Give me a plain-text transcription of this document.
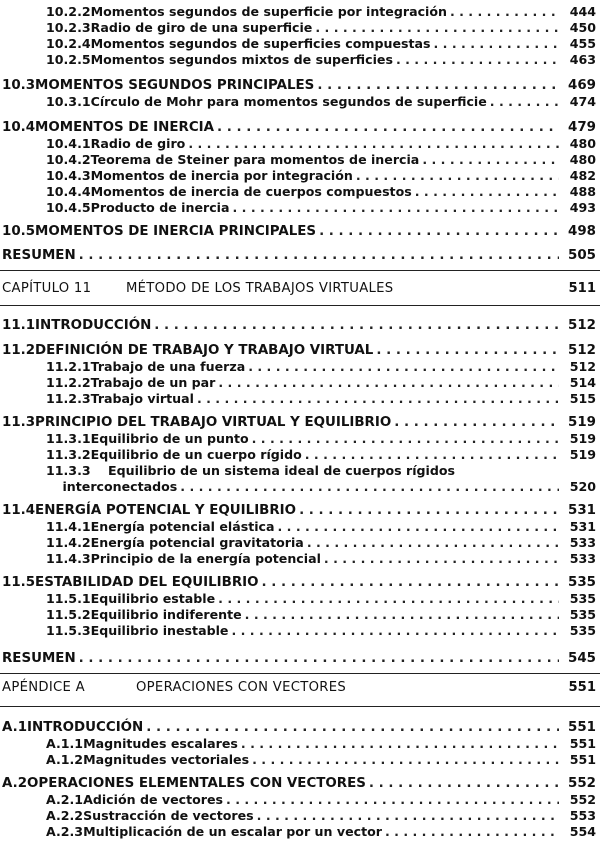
10.2.2 Momentos segundos de superficie por integración . . .	444
10.2.3 Radio de giro de una superficie . . .	450
10.2.4 Momentos segundos de superficies compuestas . . .	455
10.2.5 Momentos segundos mixtos de superficies . . .	463
10.3 MOMENTOS SEGUNDOS PRINCIPALES . . .	469
10.3.1 Círculo de Mohr para momentos segundos de superficie . . .	474
10.4 MOMENTOS DE INERCIA . . .	479
10.4.1 Radio de giro . . .	480
10.4.2 Teorema de Steiner para momentos de inercia . . .	480
10.4.3 Momentos de inercia por integración . . .	482
10.4.4 Momentos de inercia de cuerpos compuestos . . .	488
10.4.5 Producto de inercia . . .	493
10.5 MOMENTOS DE INERCIA PRINCIPALES . . .	498
RESUMEN . . .	505
CAPÍTULO 11	MÉTODO DE LOS TRABAJOS VIRTUALES	511
11.1 INTRODUCCIÓN . . .	512
11.2 DEFINICIÓN DE TRABAJO Y TRABAJO VIRTUAL . . .	512
11.2.1 Trabajo de una fuerza . . .	512
11.2.2 Trabajo de un par . . .	514
11.2.3 Trabajo virtual . . .	515
11.3 PRINCIPIO DEL TRABAJO VIRTUAL Y EQUILIBRIO . . .	519
11.3.1 Equilibrio de un punto . . .	519
11.3.2 Equilibrio de un cuerpo rígido . . .	519
11.3.3	Equilibrio de un sistema ideal de cuerpos rígidos
interconectados . . .	520
11.4 ENERGÍA POTENCIAL Y EQUILIBRIO . . .	531
11.4.1 Energía potencial elástica . . .	531
11.4.2 Energía potencial gravitatoria . . .	533
11.4.3 Principio de la energía potencial . . .	533
11.5 ESTABILIDAD DEL EQUILIBRIO . . .	535
11.5.1 Equilibrio estable . . .	535
11.5.2 Equilibrio indiferente . . .	535
11.5.3 Equilibrio inestable . . .	535
RESUMEN . . .	545
APÉNDICE A	OPERACIONES CON VECTORES	551
A.1 INTRODUCCIÓN . . .	551
A.1.1 Magnitudes escalares . . .	551
A.1.2 Magnitudes vectoriales . . .	551
A.2 OPERACIONES ELEMENTALES CON VECTORES . . .	552
A.2.1 Adición de vectores . . .	552
A.2.2 Sustracción de vectores . . .	553
A.2.3 Multiplicación de un escalar por un vector . . .	554
